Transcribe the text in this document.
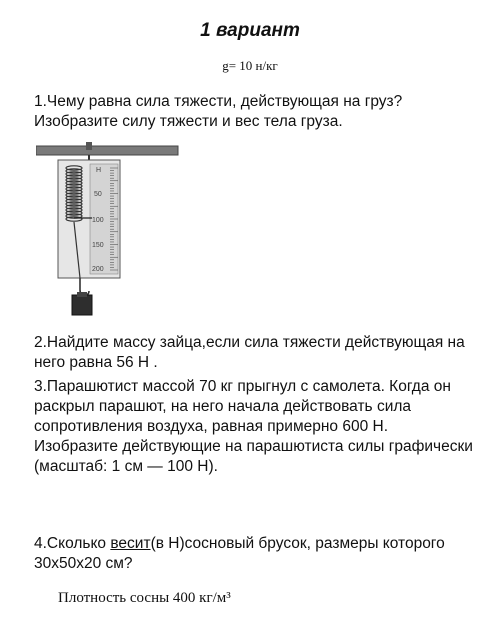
1 вариант
g= 10 н/кг
1.Чему равна сила тяжести, действующая на груз? Изобразите силу тяжести и вес тела груза.
Н
50
100
150
200
2.Найдите массу зайца,если сила тяжести действующая на него равна 56 Н .
3.Парашютист массой 70 кг прыгнул с самолета. Когда он раскрыл парашют, на него начала действовать сила сопротивления воздуха, равная примерно 600 Н. Изобразите действующие на парашютиста силы графически (масштаб: 1 см — 100 Н).
4.Сколько весит(в Н)сосновый брусок, размеры которого 30х50х20 см?
Плотность сосны 400 кг/м³
